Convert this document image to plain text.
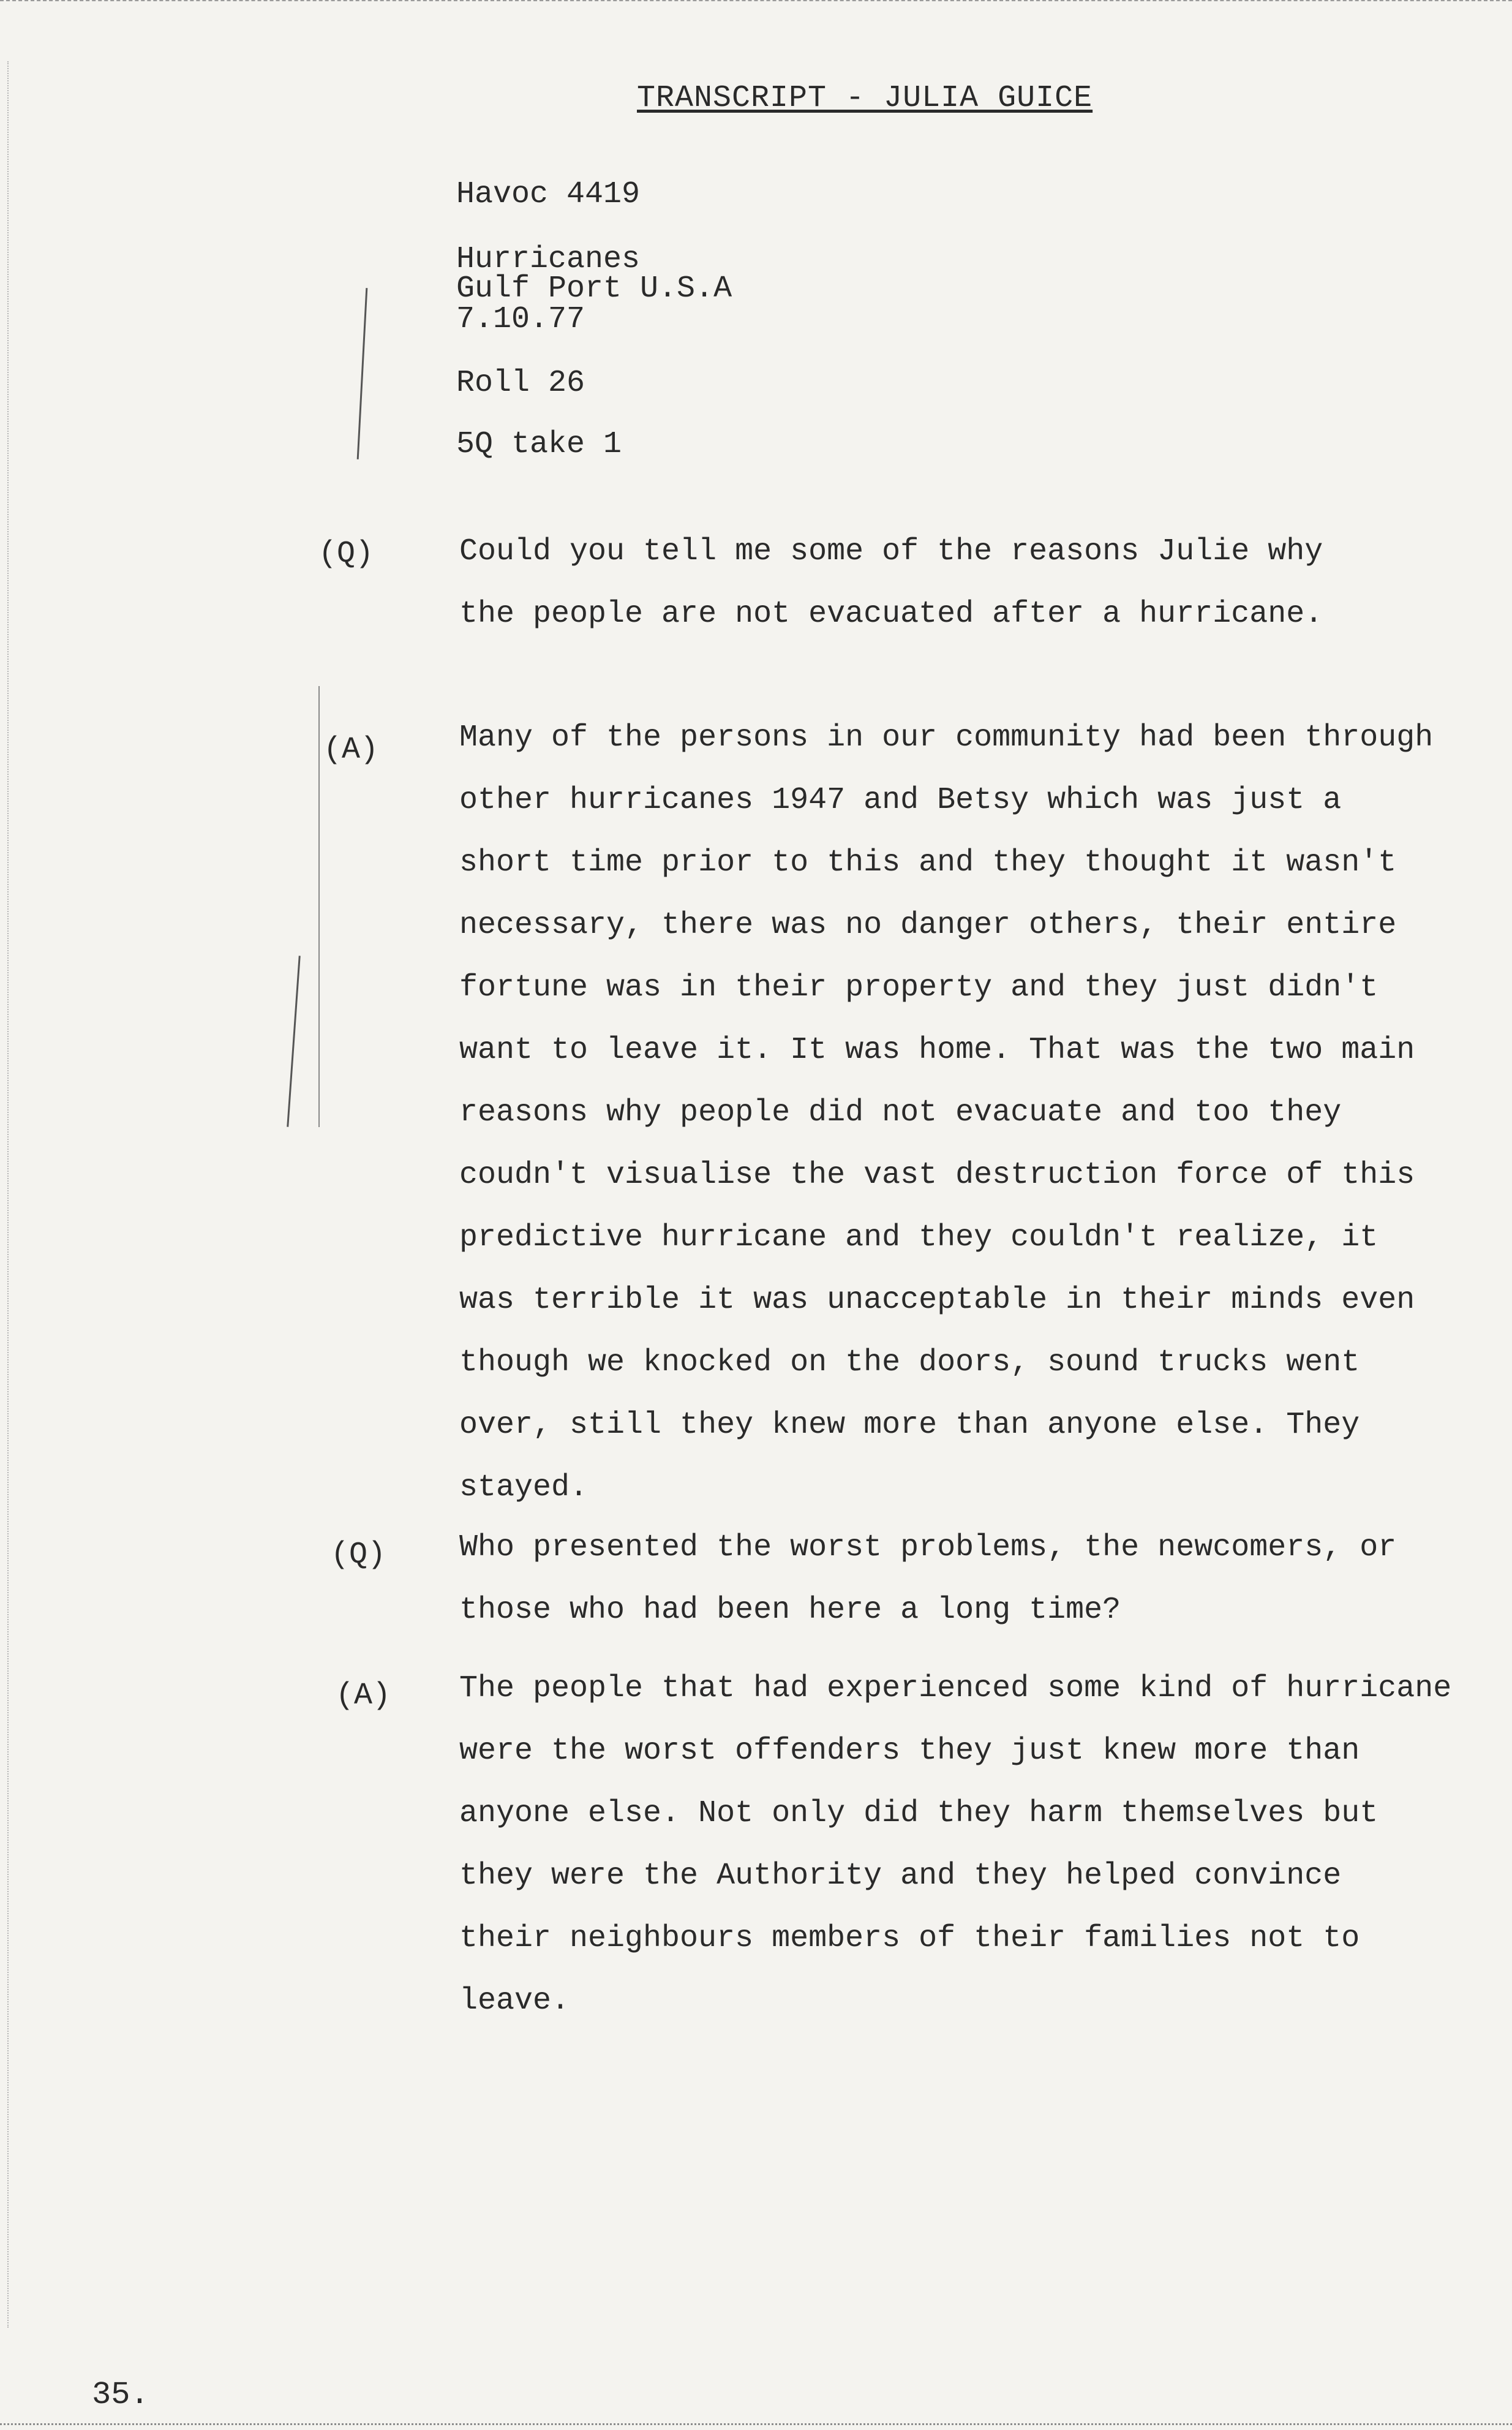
TRANSCRIPT - JULIA GUICE
Havoc 4419
Hurricanes
Gulf Port U.S.A
7.10.77
Roll 26
5Q take 1
(Q)	Could you tell me some of the reasons Julie why
the people are not evacuated after a hurricane.
(A)	Many of the persons in our community had been through
other hurricanes 1947 and Betsy which was just a
short time prior to this and they thought it wasn't
necessary, there was no danger others, their entire
fortune was in their property and they just didn't
want to leave it. It was home. That was the two main
reasons why people did not evacuate and too they
coudn't visualise the vast destruction force of this
predictive hurricane and they couldn't realize, it
was terrible it was unacceptable in their minds even
though we knocked on the doors, sound trucks went
over, still they knew more than anyone else. They
stayed.
(Q) Who presented the worst problems, the newcomers, or
those who had been here a long time?
(A) The people that had experienced some kind of hurricane
were the worst offenders they just knew more than
anyone else. Not only did they harm themselves but
they were the Authority and they helped convince
their neighbours members of their families not to
leave.
35.
